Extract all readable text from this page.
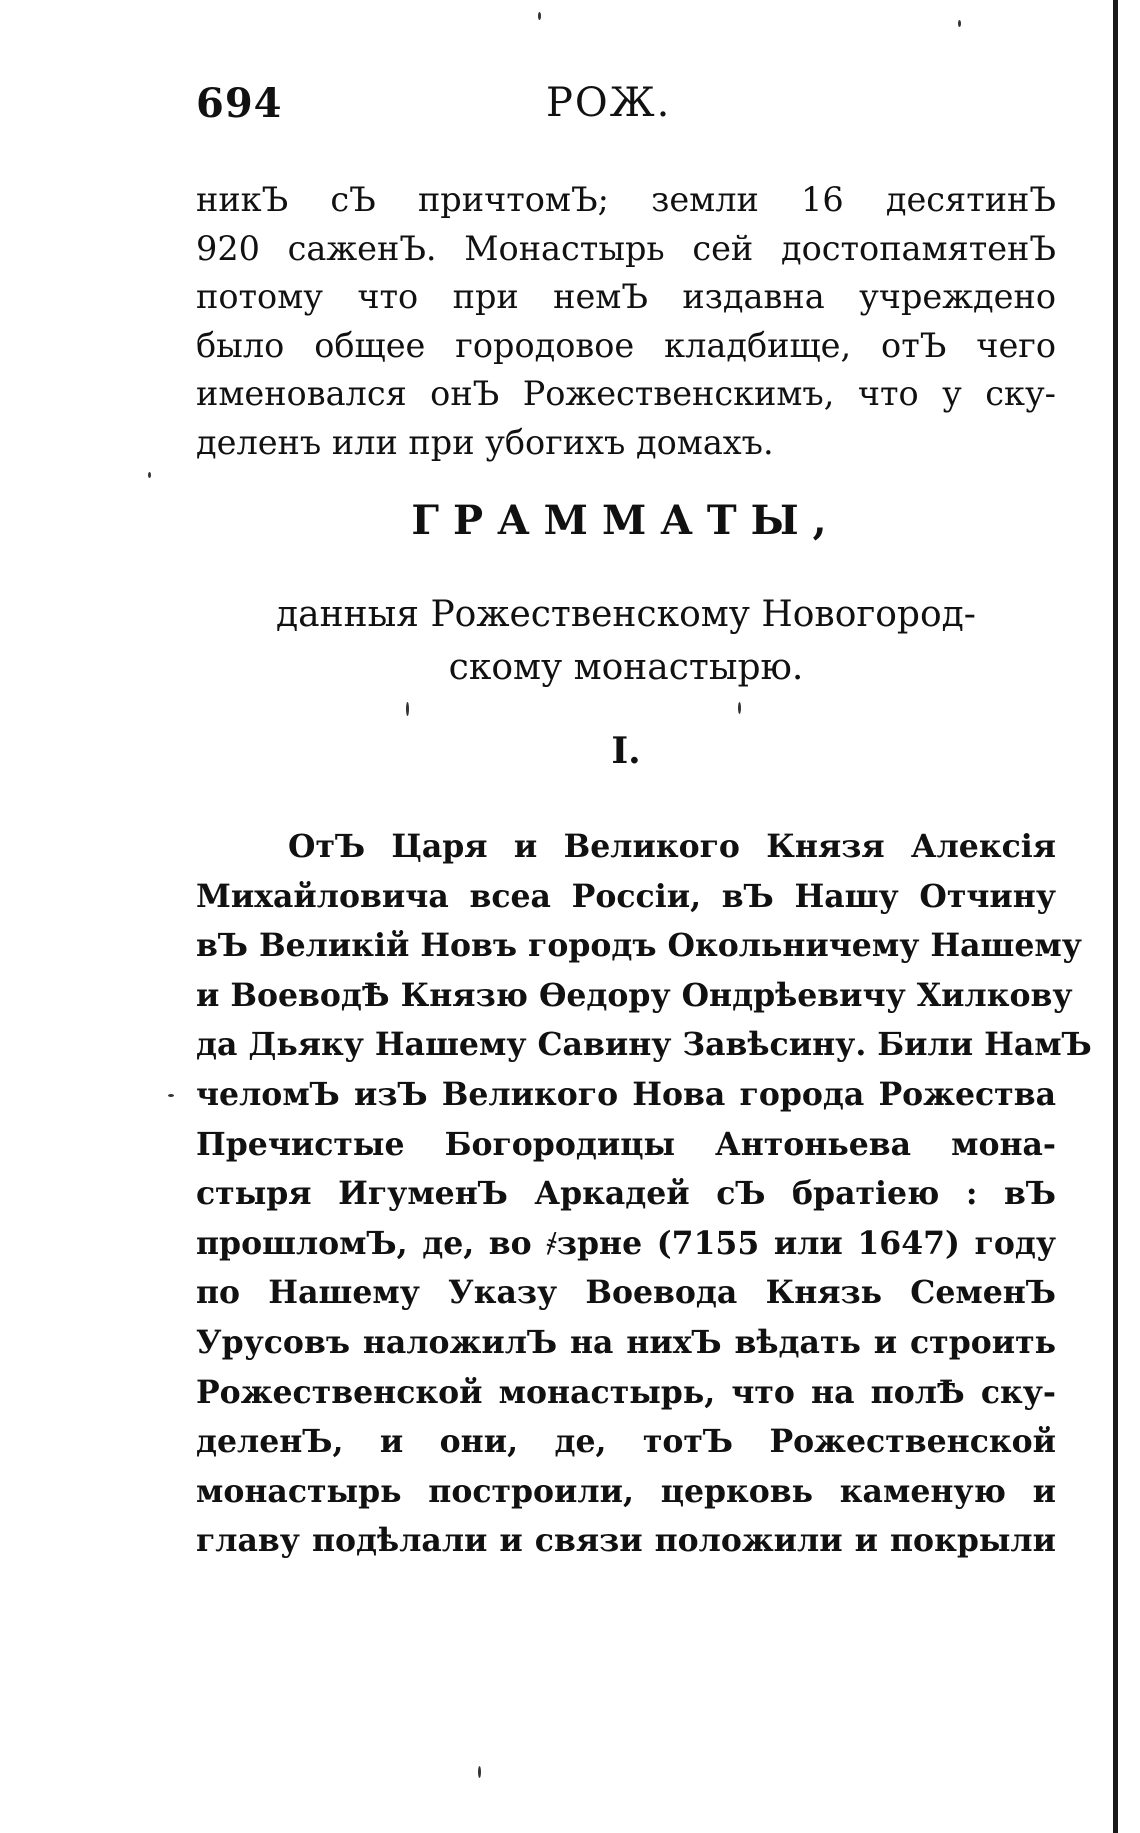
694	РОЖ.
никЪ сЪ причтомЪ; земли 16 десятинЪ
920 саженЪ. Монастырь сей достопамятенЪ
потому что при немЪ издавна учреждено
было общее городовое кладбище, отЪ чего
именовался онЪ Рожественскимъ, что у ску-
деленъ или при убогихъ домахъ.
ГРАММАТЫ,
данныя Рожественскому Новогород-
скому монастырю.
I.
ОтЪ Царя и Великого Князя Алексія
Михайловича всеа Россіи, вЪ Нашу Отчину
вЪ Великій Новъ городъ Окольничему Нашему
и ВоеводѢ Князю Ѳедору Ондрѣевичу Хилкову
да Дьяку Нашему Савину Завѣсину. Били НамЪ
челомЪ изЪ Великого Нова города Рожества
Пречистые Богородицы Антоньева мона-
стыря ИгуменЪ Аркадей сЪ братіею : вЪ
прошломЪ, де, во ҂зрне (7155 или 1647) году
по Нашему Указу Воевода Князь СеменЪ
Урусовъ наложилЪ на нихЪ вѣдать и строить
Рожественской монастырь, что на полѢ ску-
деленЪ, и они, де, тотЪ Рожественской
монастырь построили, церковь каменую и
главу подѣлали и связи положили и покрыли
